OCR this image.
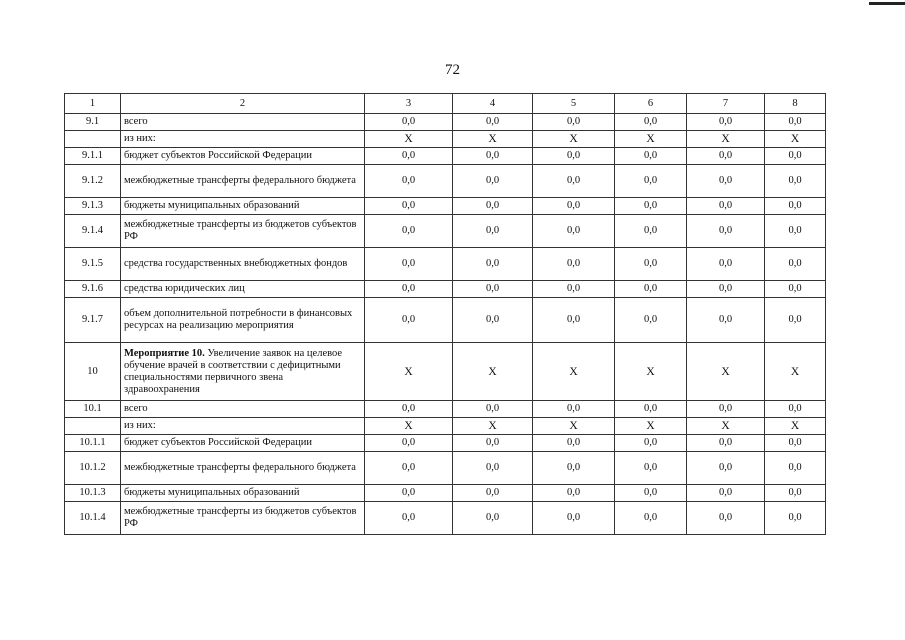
72
1	2	3	4	5	6	7	8
9.1	всего	0,0	0,0	0,0	0,0	0,0	0,0
	из них:	X	X	X	X	X	X
9.1.1	бюджет субъектов Российской Федерации	0,0	0,0	0,0	0,0	0,0	0,0
9.1.2	межбюджетные трансферты федерального бюджета	0,0	0,0	0,0	0,0	0,0	0,0
9.1.3	бюджеты муниципальных образований	0,0	0,0	0,0	0,0	0,0	0,0
9.1.4	межбюджетные трансферты из бюджетов субъектов РФ	0,0	0,0	0,0	0,0	0,0	0,0
9.1.5	средства государственных внебюджетных фондов	0,0	0,0	0,0	0,0	0,0	0,0
9.1.6	средства юридических лиц	0,0	0,0	0,0	0,0	0,0	0,0
9.1.7	объем дополнительной потребности в финансовых ресурсах на реализацию мероприятия	0,0	0,0	0,0	0,0	0,0	0,0
10	Мероприятие 10. Увеличение заявок на целевое обучение врачей в соответствии с дефицитными специальностями первичного звена здравоохранения	X	X	X	X	X	X
10.1	всего	0,0	0,0	0,0	0,0	0,0	0,0
	из них:	X	X	X	X	X	X
10.1.1	бюджет субъектов Российской Федерации	0,0	0,0	0,0	0,0	0,0	0,0
10.1.2	межбюджетные трансферты федерального бюджета	0,0	0,0	0,0	0,0	0,0	0,0
10.1.3	бюджеты муниципальных образований	0,0	0,0	0,0	0,0	0,0	0,0
10.1.4	межбюджетные трансферты из бюджетов субъектов РФ	0,0	0,0	0,0	0,0	0,0	0,0
